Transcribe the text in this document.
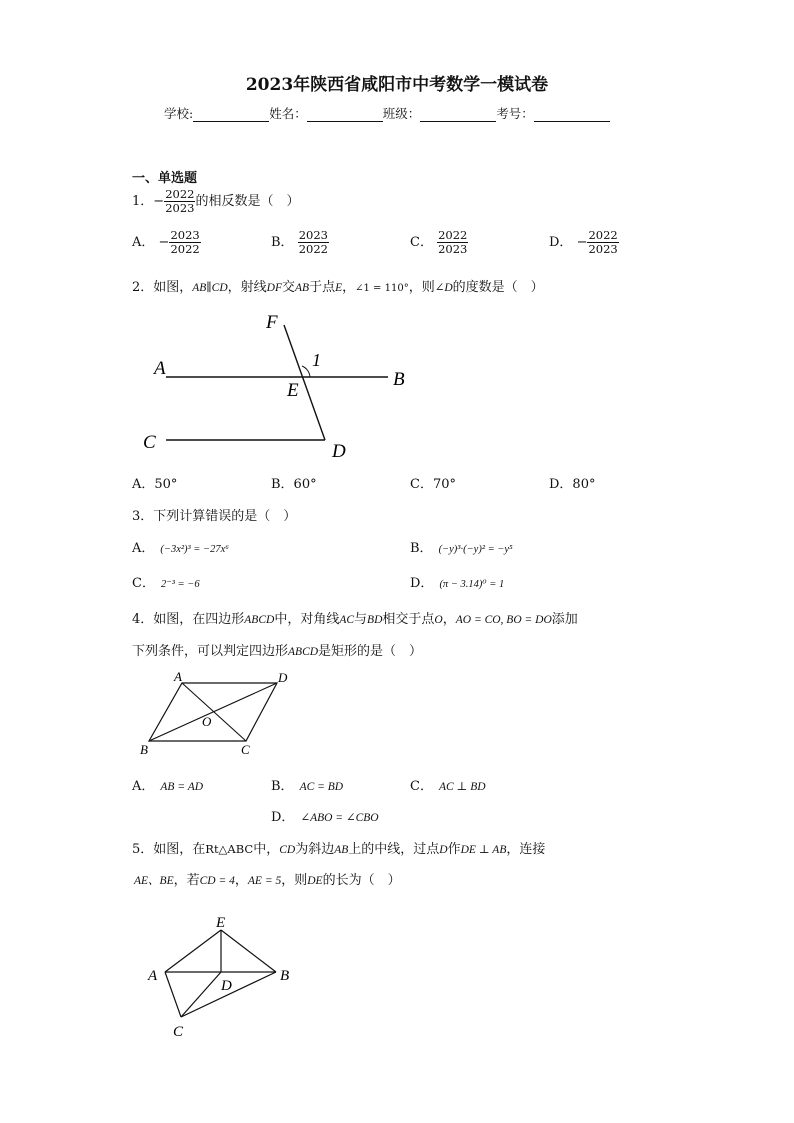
2023年陕西省咸阳市中考数学一模试卷
学校:	姓名：	班级：	考号：
一、单选题
1．− $\frac{2022}{2023}$ 的相反数是（　）
A． − $\frac{2023}{2022}$	B． $\frac{2023}{2022}$	C． $\frac{2022}{2023}$	D． − $\frac{2022}{2023}$
2．如图，AB∥CD，射线DF交AB于点E，∠1 = 110°，则∠D的度数是（　）
F
1
A
B
E
C	D
A．50°	B．60°	C．70°	D．80°
3．下列计算错误的是（　）
A． (−3x²)³ = −27x⁶	B． (−y)³·(−y)² = −y⁵
C． 2⁻³ = −6	D． (π − 3.14)⁰ = 1
4．如图，在四边形ABCD中，对角线AC与BD相交于点O，AO = CO, BO = DO添加
下列条件，可以判定四边形ABCD是矩形的是（　）
A	D
O
B	C
A． AB = AD	B． AC = BD	C． AC ⊥ BD
D． ∠ABO = ∠CBO
5．如图，在Rt△ABC中，CD为斜边AB上的中线，过点D作DE ⊥ AB，连接
AE、BE，若CD = 4，AE = 5，则DE的长为（　）
E
A
D
B
C
